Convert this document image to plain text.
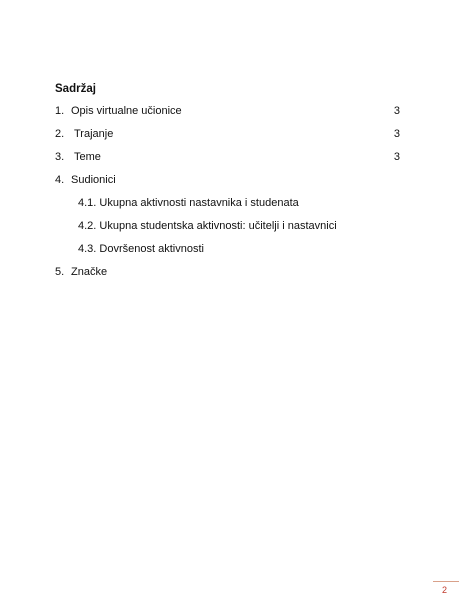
Sadržaj
1. Opis virtualne učionice	3
2. Trajanje	3
3. Teme	3
4. Sudionici
4.1. Ukupna aktivnosti nastavnika i studenata
4.2. Ukupna studentska aktivnosti: učitelji i nastavnici
4.3. Dovršenost aktivnosti
5. Značke
2
